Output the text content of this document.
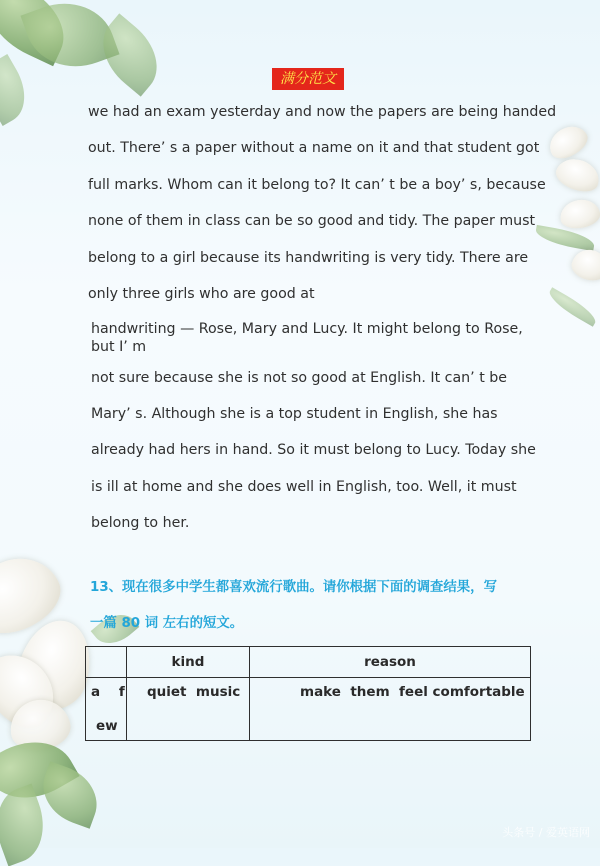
满分范文
we had an exam yesterday and now the papers are being handed
out. There’ s a paper without a name on it and that student got
full marks. Whom can it belong to? It can’ t be a boy’ s, because
none of them in class can be so good and tidy. The paper must
belong to a girl because its handwriting is very tidy. There are
only three girls who are good at
handwriting — Rose, Mary and Lucy. It might belong to Rose,
but I’ m
not sure because she is not so good at English. It can’ t be
Mary’ s. Although she is a top student in English, she has
already had hers in hand. So it must belong to Lucy. Today she
is ill at home and she does well in English, too. Well, it must
belong to her.
13、现在很多中学生都喜欢流行歌曲。请你根据下面的调查结果，写
一篇 80 词 左右的短文。
	kind	reason

a    f
ew	quiet  music	make  them  feel comfortable
头条号 / 爱英语网
